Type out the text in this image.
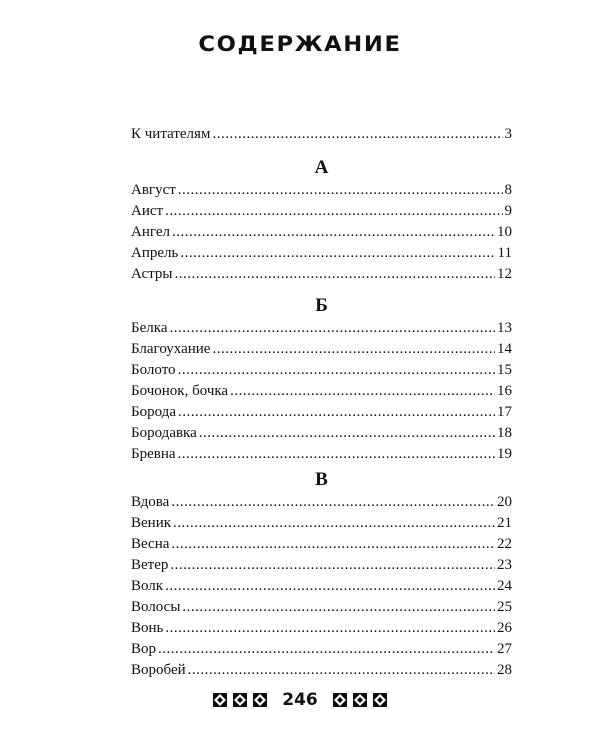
СОДЕРЖАНИЕ
К читателям .....	3
А
Август .....	8
Аист .....	9
Ангел .....	10
Апрель .....	11
Астры .....	12
Б
Белка .....	13
Благоухание .....	14
Болото .....	15
Бочонок, бочка .....	16
Борода .....	17
Бородавка .....	18
Бревна .....	19
В
Вдова .....	20
Веник .....	21
Весна .....	22
Ветер .....	23
Волк .....	24
Волосы .....	25
Вонь .....	26
Вор .....	27
Воробей .....	28
246
